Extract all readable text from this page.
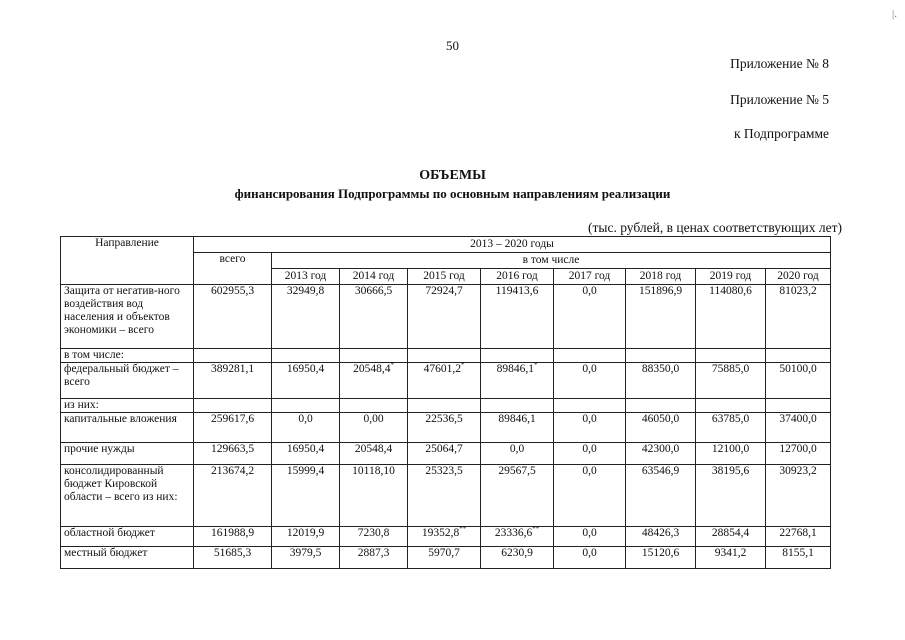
50
Приложение № 8
Приложение № 5
к Подпрограмме
|.
ОБЪЕМЫ
финансирования Подпрограммы по основным направлениям реализации
(тыс. рублей, в ценах соответствующих лет)
Направление	2013 – 2020 годы								
	всего	в том числе							
		2013 год	2014 год	2015 год	2016 год	2017 год	2018 год	2019 год	2020 год
Защита от негатив-ного воздействия вод населения и объектов экономики – всего	602955,3	32949,8	30666,5	72924,7	119413,6	0,0	151896,9	114080,6	81023,2
в том числе:									
федеральный бюджет – всего	389281,1	16950,4	20548,4*	47601,2*	89846,1*	0,0	88350,0	75885,0	50100,0
из них:									
капитальные вложения	259617,6	0,0	0,00	22536,5	89846,1	0,0	46050,0	63785,0	37400,0
прочие нужды	129663,5	16950,4	20548,4	25064,7	0,0	0,0	42300,0	12100,0	12700,0
консолидированный бюджет Кировской области – всего из них:	213674,2	15999,4	10118,10	25323,5	29567,5	0,0	63546,9	38195,6	30923,2
областной бюджет	161988,9	12019,9	7230,8	19352,8**	23336,6**	0,0	48426,3	28854,4	22768,1
местный бюджет	51685,3	3979,5	2887,3	5970,7	6230,9	0,0	15120,6	9341,2	8155,1
